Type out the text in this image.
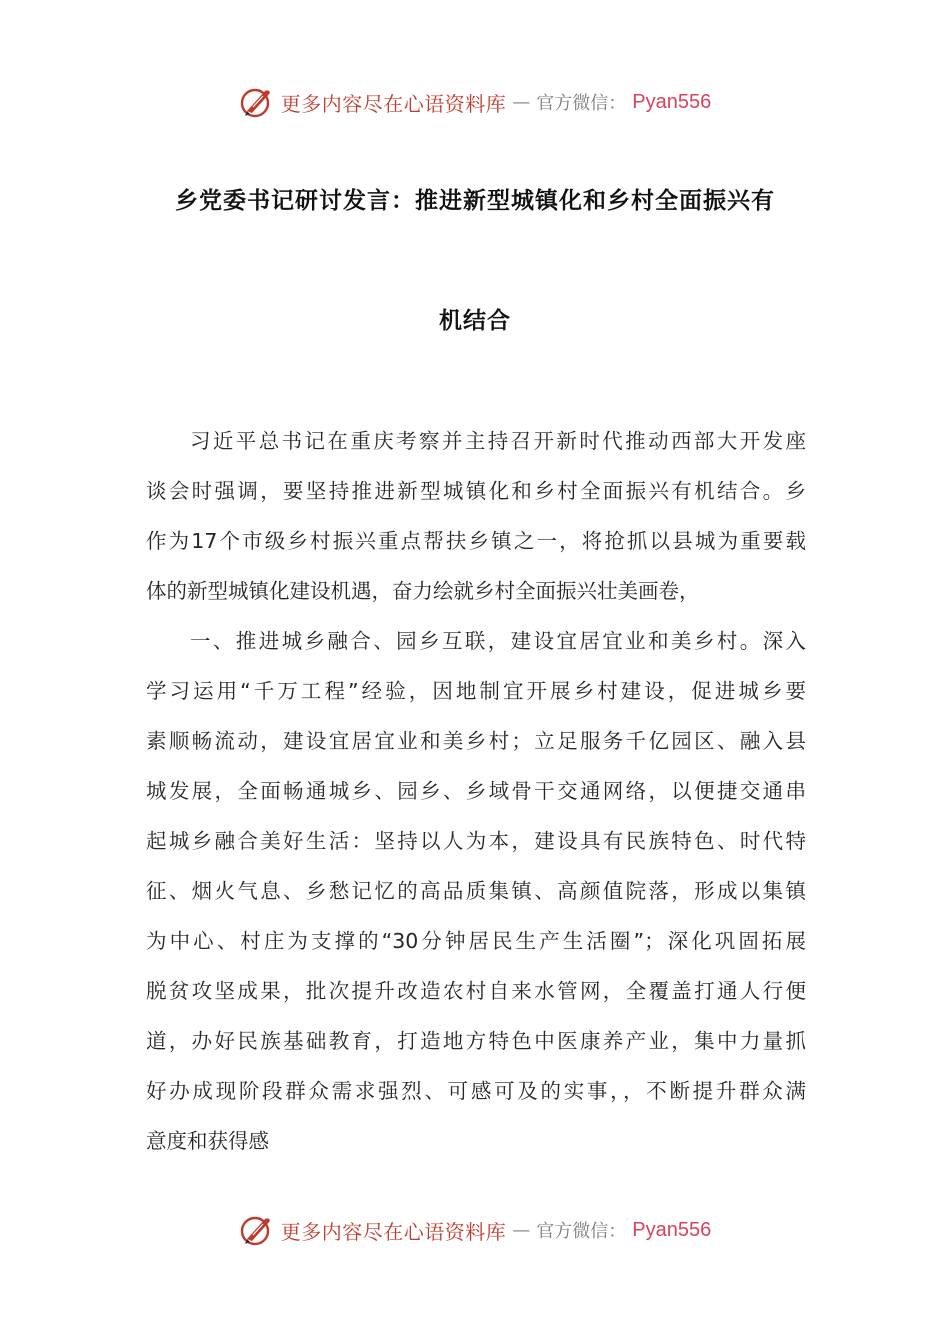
更多内容尽在心语资料库 — 官方微信： Pyan556
乡党委书记研讨发言：推进新型城镇化和乡村全面振兴有
机结合
习近平总书记在重庆考察并主持召开新时代推动西部大开发座
谈会时强调，要坚持推进新型城镇化和乡村全面振兴有机结合。乡
作为17个市级乡村振兴重点帮扶乡镇之一，将抢抓以县城为重要载
体的新型城镇化建设机遇，奋力绘就乡村全面振兴壮美画卷，
一、推进城乡融合、园乡互联，建设宜居宜业和美乡村。深入
学习运用“千万工程”经验，因地制宜开展乡村建设，促进城乡要
素顺畅流动，建设宜居宜业和美乡村；立足服务千亿园区、融入县
城发展，全面畅通城乡、园乡、乡域骨干交通网络，以便捷交通串
起城乡融合美好生活：坚持以人为本，建设具有民族特色、时代特
征、烟火气息、乡愁记忆的高品质集镇、高颜值院落，形成以集镇
为中心、村庄为支撑的“30分钟居民生产生活圈”；深化巩固拓展
脱贫攻坚成果，批次提升改造农村自来水管网，全覆盖打通人行便
道，办好民族基础教育，打造地方特色中医康养产业，集中力量抓
好办成现阶段群众需求强烈、可感可及的实事，，不断提升群众满
意度和获得感
更多内容尽在心语资料库 — 官方微信： Pyan556
